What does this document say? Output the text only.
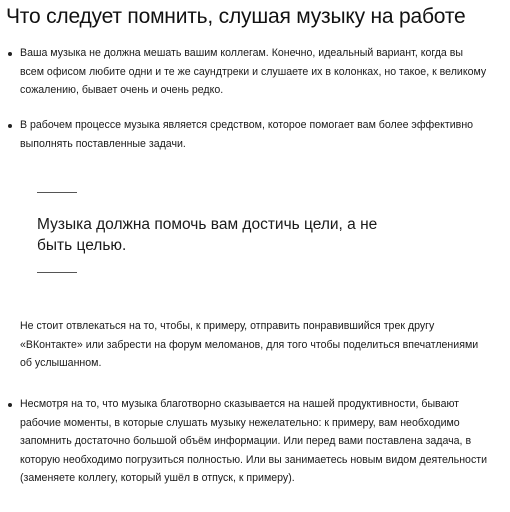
Что следует помнить, слушая музыку на работе

Ваша музыка не должна мешать вашим коллегам. Конечно, идеальный вариант, когда вы всем офисом любите одни и те же саундтреки и слушаете их в колонках, но такое, к великому сожалению, бывает очень и очень редко.

В рабочем процессе музыка является средством, которое помогает вам более эффективно выполнять поставленные задачи.

Музыка должна помочь вам достичь цели, а не быть целью.

Не стоит отвлекаться на то, чтобы, к примеру, отправить понравившийся трек другу «ВКонтакте» или забрести на форум меломанов, для того чтобы поделиться впечатлениями об услышанном.

Несмотря на то, что музыка благотворно сказывается на нашей продуктивности, бывают рабочие моменты, в которые слушать музыку нежелательно: к примеру, вам необходимо запомнить достаточно большой объём информации. Или перед вами поставлена задача, в которую необходимо погрузиться полностью. Или вы занимаетесь новым видом деятельности (заменяете коллегу, который ушёл в отпуск, к примеру).
